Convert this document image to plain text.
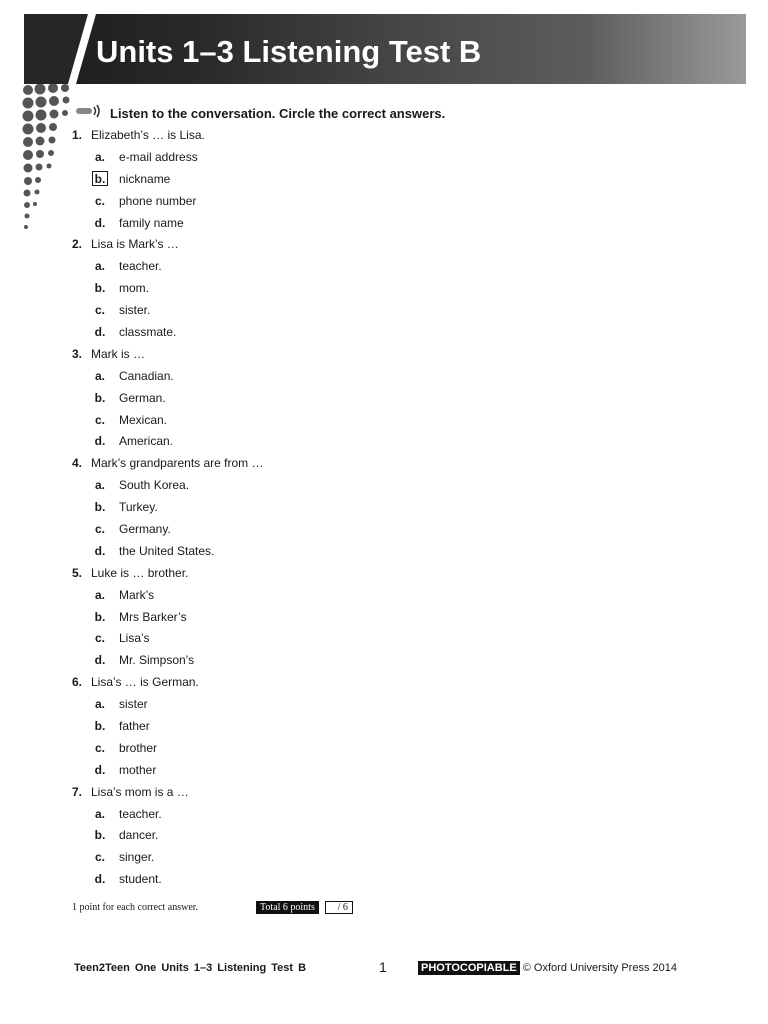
Units 1–3 Listening Test B
Listen to the conversation. Circle the correct answers.
1. Elizabeth’s … is Lisa.
a. e-mail address
b. nickname
c. phone number
d. family name
2. Lisa is Mark’s …
a. teacher.
b. mom.
c. sister.
d. classmate.
3. Mark is …
a. Canadian.
b. German.
c. Mexican.
d. American.
4. Mark’s grandparents are from …
a. South Korea.
b. Turkey.
c. Germany.
d. the United States.
5. Luke is … brother.
a. Mark’s
b. Mrs Barker’s
c. Lisa’s
d. Mr. Simpson’s
6. Lisa’s … is German.
a. sister
b. father
c. brother
d. mother
7. Lisa’s mom is a …
a. teacher.
b. dancer.
c. singer.
d. student.
1 point for each correct answer.	Total 6 points	/ 6
Teen2Teen One Units 1–3 Listening Test B	1	PHOTOCOPIABLE © Oxford University Press 2014
